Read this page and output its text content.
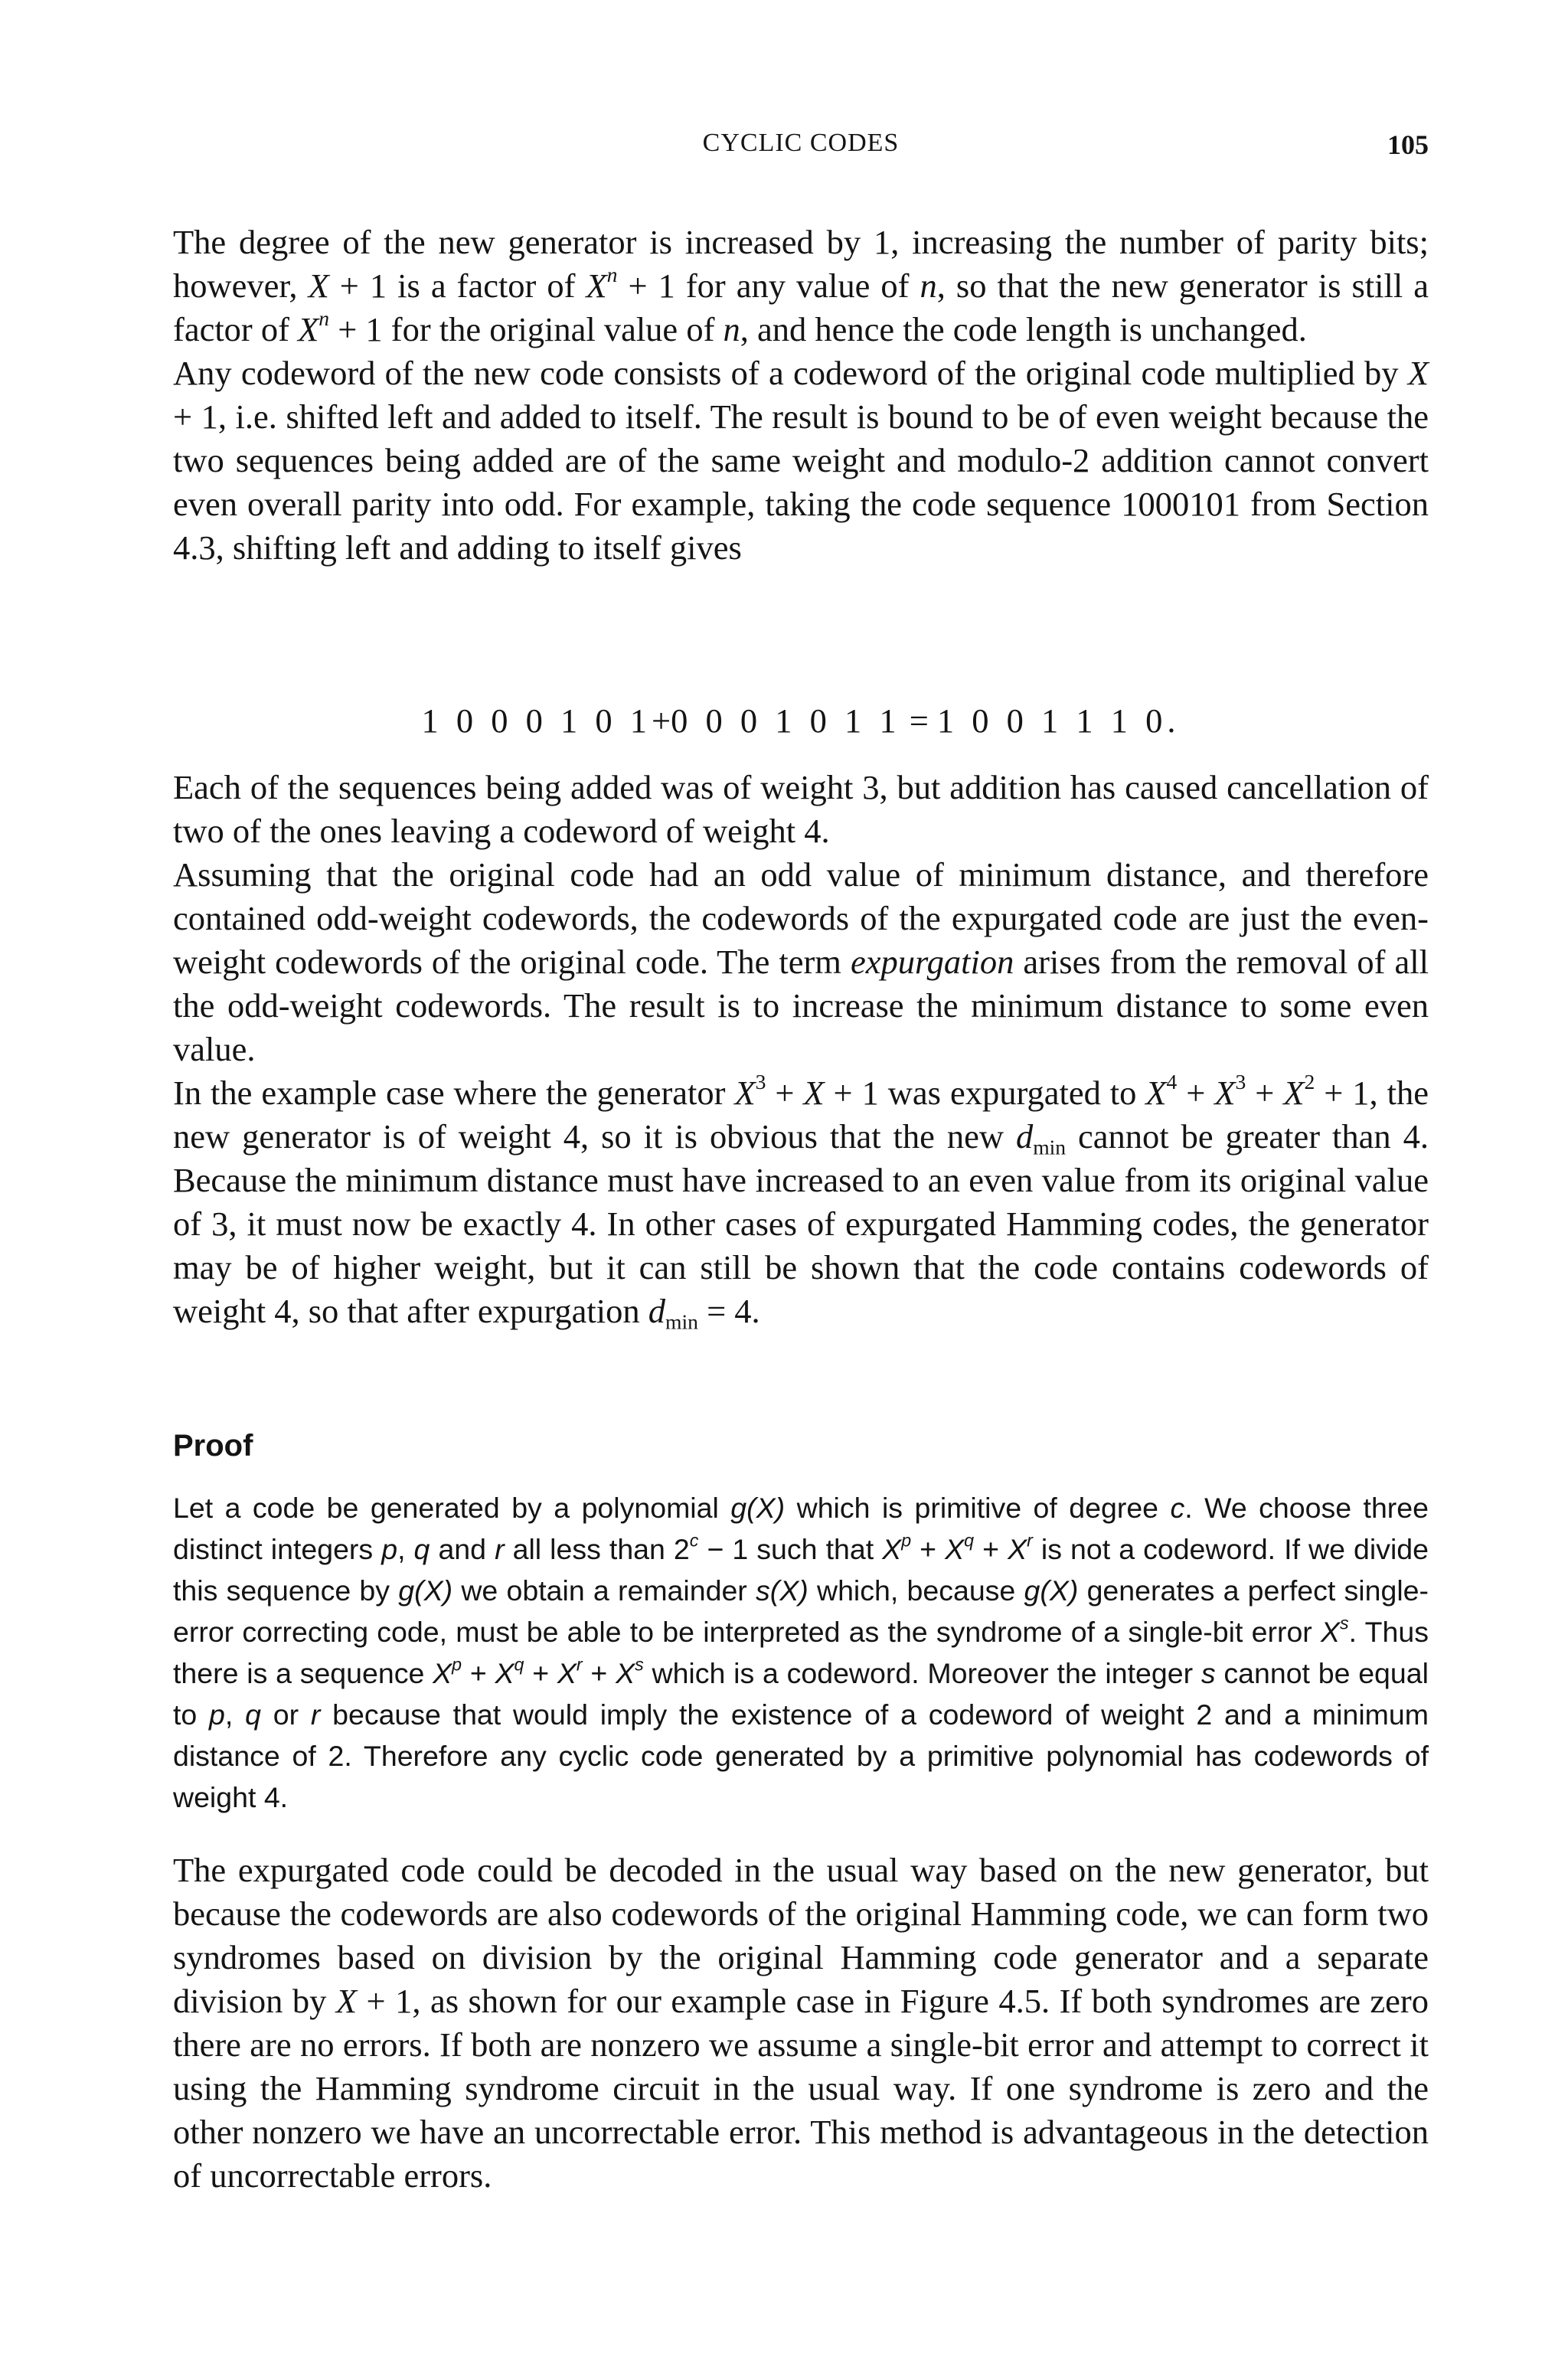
CYCLIC CODES	105

The degree of the new generator is increased by 1, increasing the number of parity bits; however, X + 1 is a factor of $X^n + 1$ for any value of n, so that the new generator is still a factor of $X^n + 1$ for the original value of n, and hence the code length is unchanged.

Any codeword of the new code consists of a codeword of the original code multiplied by X + 1, i.e. shifted left and added to itself. The result is bound to be of even weight because the two sequences being added are of the same weight and modulo-2 addition cannot convert even overall parity into odd. For example, taking the code sequence 1000101 from Section 4.3, shifting left and adding to itself gives

1 0 0 0 1 0 1+0 0 0 1 0 1 1 = 1 0 0 1 1 1 0.

Each of the sequences being added was of weight 3, but addition has caused cancellation of two of the ones leaving a codeword of weight 4.

Assuming that the original code had an odd value of minimum distance, and therefore contained odd-weight codewords, the codewords of the expurgated code are just the even-weight codewords of the original code. The term expurgation arises from the removal of all the odd-weight codewords. The result is to increase the minimum distance to some even value.

In the example case where the generator $X^3 + X + 1$ was expurgated to $X^4 + X^3 + X^2 + 1$, the new generator is of weight 4, so it is obvious that the new $d_{min}$ cannot be greater than 4. Because the minimum distance must have increased to an even value from its original value of 3, it must now be exactly 4. In other cases of expurgated Hamming codes, the generator may be of higher weight, but it can still be shown that the code contains codewords of weight 4, so that after expurgation $d_{min} = 4$.

Proof
Let a code be generated by a polynomial g(X) which is primitive of degree c. We choose three distinct integers p, q and r all less than $2^c - 1$ such that $X^p + X^q + X^r$ is not a codeword. If we divide this sequence by g(X) we obtain a remainder s(X) which, because g(X) generates a perfect single-error correcting code, must be able to be interpreted as the syndrome of a single-bit error $X^s$. Thus there is a sequence $X^p + X^q + X^r + X^s$ which is a codeword. Moreover the integer s cannot be equal to p, q or r because that would imply the existence of a codeword of weight 2 and a minimum distance of 2. Therefore any cyclic code generated by a primitive polynomial has codewords of weight 4.

The expurgated code could be decoded in the usual way based on the new generator, but because the codewords are also codewords of the original Hamming code, we can form two syndromes based on division by the original Hamming code generator and a separate division by X + 1, as shown for our example case in Figure 4.5. If both syndromes are zero there are no errors. If both are nonzero we assume a single-bit error and attempt to correct it using the Hamming syndrome circuit in the usual way. If one syndrome is zero and the other nonzero we have an uncorrectable error. This method is advantageous in the detection of uncorrectable errors.
